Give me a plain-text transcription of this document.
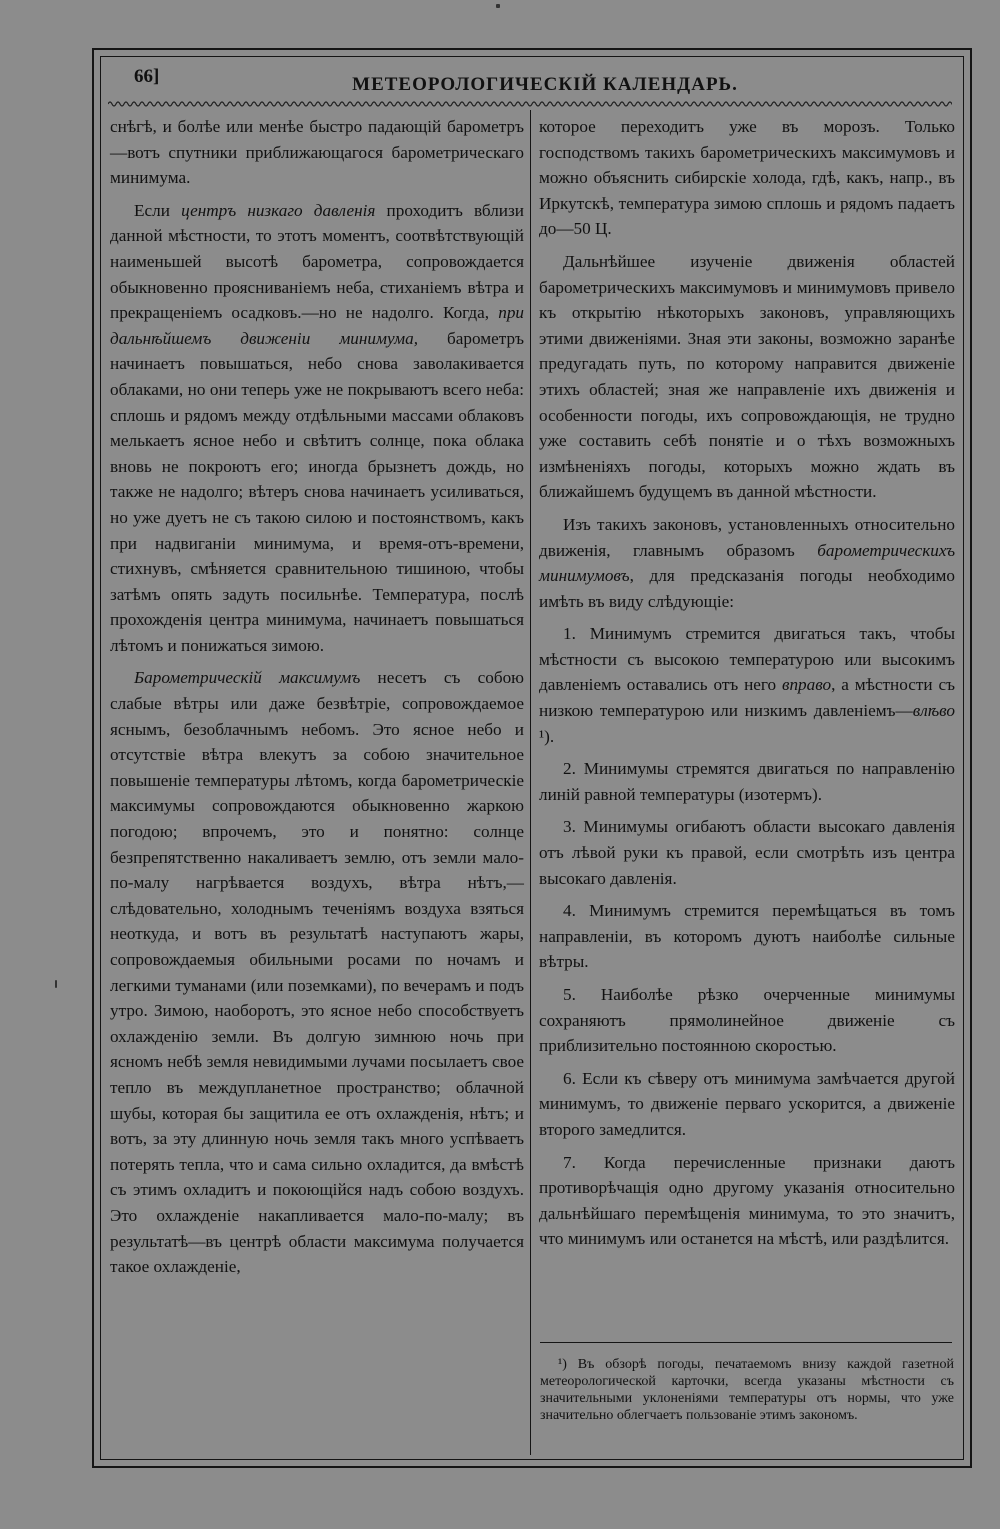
66]	МЕТЕОРОЛОГИЧЕСКІЙ КАЛЕНДАРЬ.

снѣгѣ, и болѣе или менѣе быстро падающій барометръ—вотъ спутники приближающагося барометрическаго минимума.

Если центръ низкаго давленія проходитъ вблизи данной мѣстности, то этотъ моментъ, соотвѣтствующій наименьшей высотѣ барометра, сопровождается обыкновенно проясниваніемъ неба, стиханіемъ вѣтра и прекращеніемъ осадковъ.—но не надолго. Когда, при дальнѣйшемъ движеніи минимума, барометръ начинаетъ повышаться, небо снова заволакивается облаками, но они теперь уже не покрываютъ всего неба: сплошь и рядомъ между отдѣльными массами облаковъ мелькаетъ ясное небо и свѣтитъ солнце, пока облака вновь не покроютъ его; иногда брызнетъ дождь, но также не надолго; вѣтеръ снова начинаетъ усиливаться, но уже дуетъ не съ такою силою и постоянствомъ, какъ при надвиганіи минимума, и время-отъ-времени, стихнувъ, смѣняется сравнительною тишиною, чтобы затѣмъ опять задуть посильнѣе. Температура, послѣ прохожденія центра минимума, начинаетъ повышаться лѣтомъ и понижаться зимою.

Барометрическій максимумъ несетъ съ собою слабые вѣтры или даже безвѣтріе, сопровождаемое яснымъ, безоблачнымъ небомъ. Это ясное небо и отсутствіе вѣтра влекутъ за собою значительное повышеніе температуры лѣтомъ, когда барометрическіе максимумы сопровождаются обыкновенно жаркою погодою; впрочемъ, это и понятно: солнце безпрепятственно накаливаетъ землю, отъ земли мало-по-малу нагрѣвается воздухъ, вѣтра нѣтъ,—слѣдовательно, холоднымъ теченіямъ воздуха взяться неоткуда, и вотъ въ результатѣ наступаютъ жары, сопровождаемыя обильными росами по ночамъ и легкими туманами (или поземками), по вечерамъ и подъ утро. Зимою, наоборотъ, это ясное небо способствуетъ охлажденію земли. Въ долгую зимнюю ночь при ясномъ небѣ земля невидимыми лучами посылаетъ свое тепло въ междупланетное пространство; облачной шубы, которая бы защитила ее отъ охлажденія, нѣтъ; и вотъ, за эту длинную ночь земля такъ много успѣваетъ потерять тепла, что и сама сильно охладится, да вмѣстѣ съ этимъ охладитъ и покоющійся надъ собою воздухъ. Это охлажденіе накапливается мало-по-малу; въ результатѣ—въ центрѣ области максимума получается такое охлажденіе,

которое переходитъ уже въ морозъ. Только господствомъ такихъ барометрическихъ максимумовъ и можно объяснить сибирскіе холода, гдѣ, какъ, напр., въ Иркутскѣ, температура зимою сплошь и рядомъ падаетъ до—50 Ц.

Дальнѣйшее изученіе движенія областей барометрическихъ максимумовъ и минимумовъ привело къ открытію нѣкоторыхъ законовъ, управляющихъ этими движеніями. Зная эти законы, возможно заранѣе предугадать путь, по которому направится движеніе этихъ областей; зная же направленіе ихъ движенія и особенности погоды, ихъ сопровождающія, не трудно уже составить себѣ понятіе и о тѣхъ возможныхъ измѣненіяхъ погоды, которыхъ можно ждать въ ближайшемъ будущемъ въ данной мѣстности.

Изъ такихъ законовъ, установленныхъ относительно движенія, главнымъ образомъ барометрическихъ минимумовъ, для предсказанія погоды необходимо имѣть въ виду слѣдующіе:

1. Минимумъ стремится двигаться такъ, чтобы мѣстности съ высокою температурою или высокимъ давленіемъ оставались отъ него вправо, а мѣстности съ низкою температурою или низкимъ давленіемъ—влѣво ¹).

2. Минимумы стремятся двигаться по направленію линій равной температуры (изотермъ).

3. Минимумы огибаютъ области высокаго давленія отъ лѣвой руки къ правой, если смотрѣть изъ центра высокаго давленія.

4. Минимумъ стремится перемѣщаться въ томъ направленіи, въ которомъ дуютъ наиболѣе сильные вѣтры.

5. Наиболѣе рѣзко очерченные минимумы сохраняютъ прямолинейное движеніе съ приблизительно постоянною скоростью.

6. Если къ сѣверу отъ минимума замѣчается другой минимумъ, то движеніе перваго ускорится, а движеніе второго замедлится.

7. Когда перечисленные признаки даютъ противорѣчащія одно другому указанія относительно дальнѣйшаго перемѣщенія минимума, то это значитъ, что минимумъ или останется на мѣстѣ, или раздѣлится.

¹) Въ обзорѣ погоды, печатаемомъ внизу каждой газетной метеорологической карточки, всегда указаны мѣстности съ значительными уклоненіями температуры отъ нормы, что уже значительно облегчаетъ пользованіе этимъ закономъ.
